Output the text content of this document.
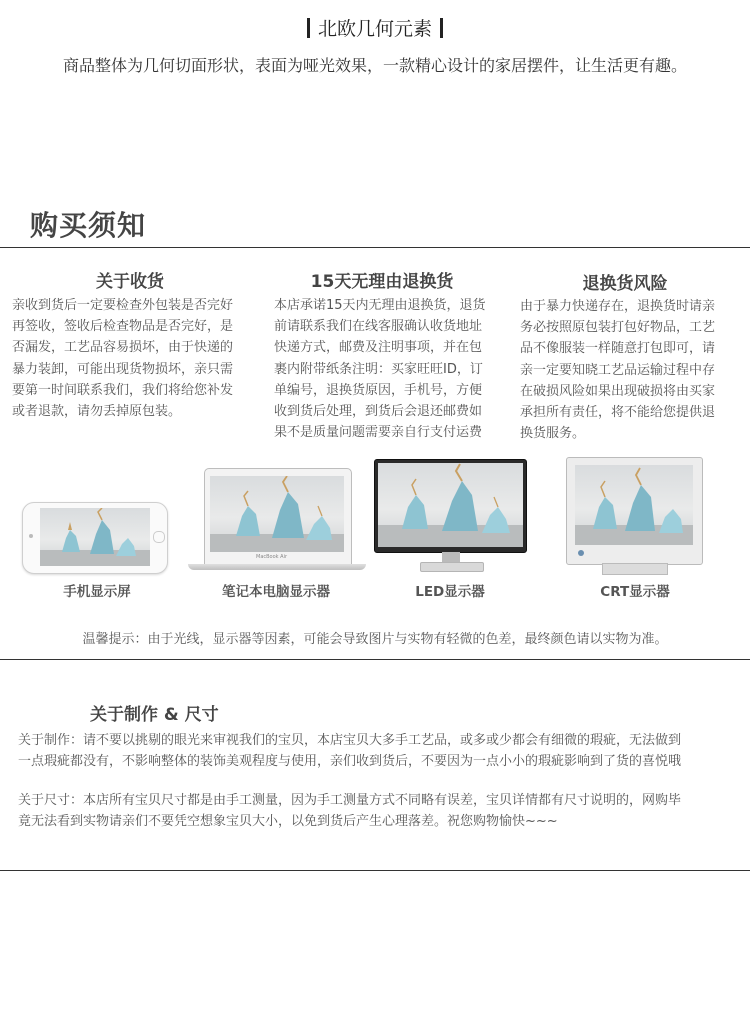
北欧几何元素
商品整体为几何切面形状，表面为哑光效果，一款精心设计的家居摆件，让生活更有趣。
购买须知
关于收货	15天无理由退换货	退换货风险
亲收到货后一定要检查外包装是否完好
再签收，签收后检查物品是否完好，是
否漏发，工艺品容易损坏，由于快递的
暴力装卸，可能出现货物损坏，亲只需
要第一时间联系我们，我们将给您补发
或者退款，请勿丢掉原包装。
本店承诺15天内无理由退换货，退货
前请联系我们在线客服确认收货地址
快递方式，邮费及注明事项，并在包
裹内附带纸条注明：买家旺旺ID，订
单编号，退换货原因，手机号，方便
收到货后处理，到货后会退还邮费如
果不是质量问题需要亲自行支付运费
由于暴力快递存在，退换货时请亲
务必按照原包装打包好物品，工艺
品不像服装一样随意打包即可，请
亲一定要知晓工艺品运输过程中存
在破损风险如果出现破损将由买家
承担所有责任，将不能给您提供退
换货服务。
MacBook Air
手机显示屏	笔记本电脑显示器	LED显示器	CRT显示器
温馨提示：由于光线，显示器等因素，可能会导致图片与实物有轻微的色差，最终颜色请以实物为准。
关于制作 & 尺寸
关于制作：请不要以挑剔的眼光来审视我们的宝贝，本店宝贝大多手工艺品，或多或少都会有细微的瑕疵，无法做到
一点瑕疵都没有，不影响整体的装饰美观程度与使用，亲们收到货后，不要因为一点小小的瑕疵影响到了货的喜悦哦
关于尺寸：本店所有宝贝尺寸都是由手工测量，因为手工测量方式不同略有误差，宝贝详情都有尺寸说明的，网购毕
竟无法看到实物请亲们不要凭空想象宝贝大小，以免到货后产生心理落差。祝您购物愉快~~~
